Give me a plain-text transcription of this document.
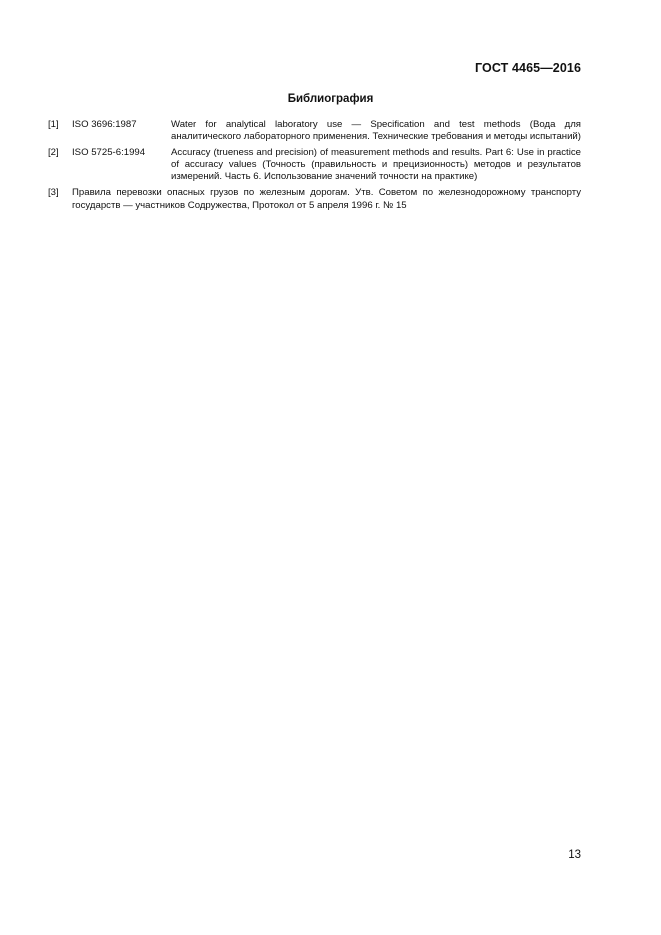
ГОСТ 4465—2016
Библиография
[1] ISO 3696:1987	Water for analytical laboratory use — Specification and test methods (Вода для аналитического лабораторного применения. Технические требования и методы испытаний)
[2] ISO 5725-6:1994	Accuracy (trueness and precision) of measurement methods and results. Part 6: Use in practice of accuracy values (Точность (правильность и прецизионность) методов и результатов измерений. Часть 6. Использование значений точности на практике)
[3] Правила перевозки опасных грузов по железным дорогам. Утв. Советом по железнодорожному транспорту государств — участников Содружества, Протокол от 5 апреля 1996 г. № 15
13
